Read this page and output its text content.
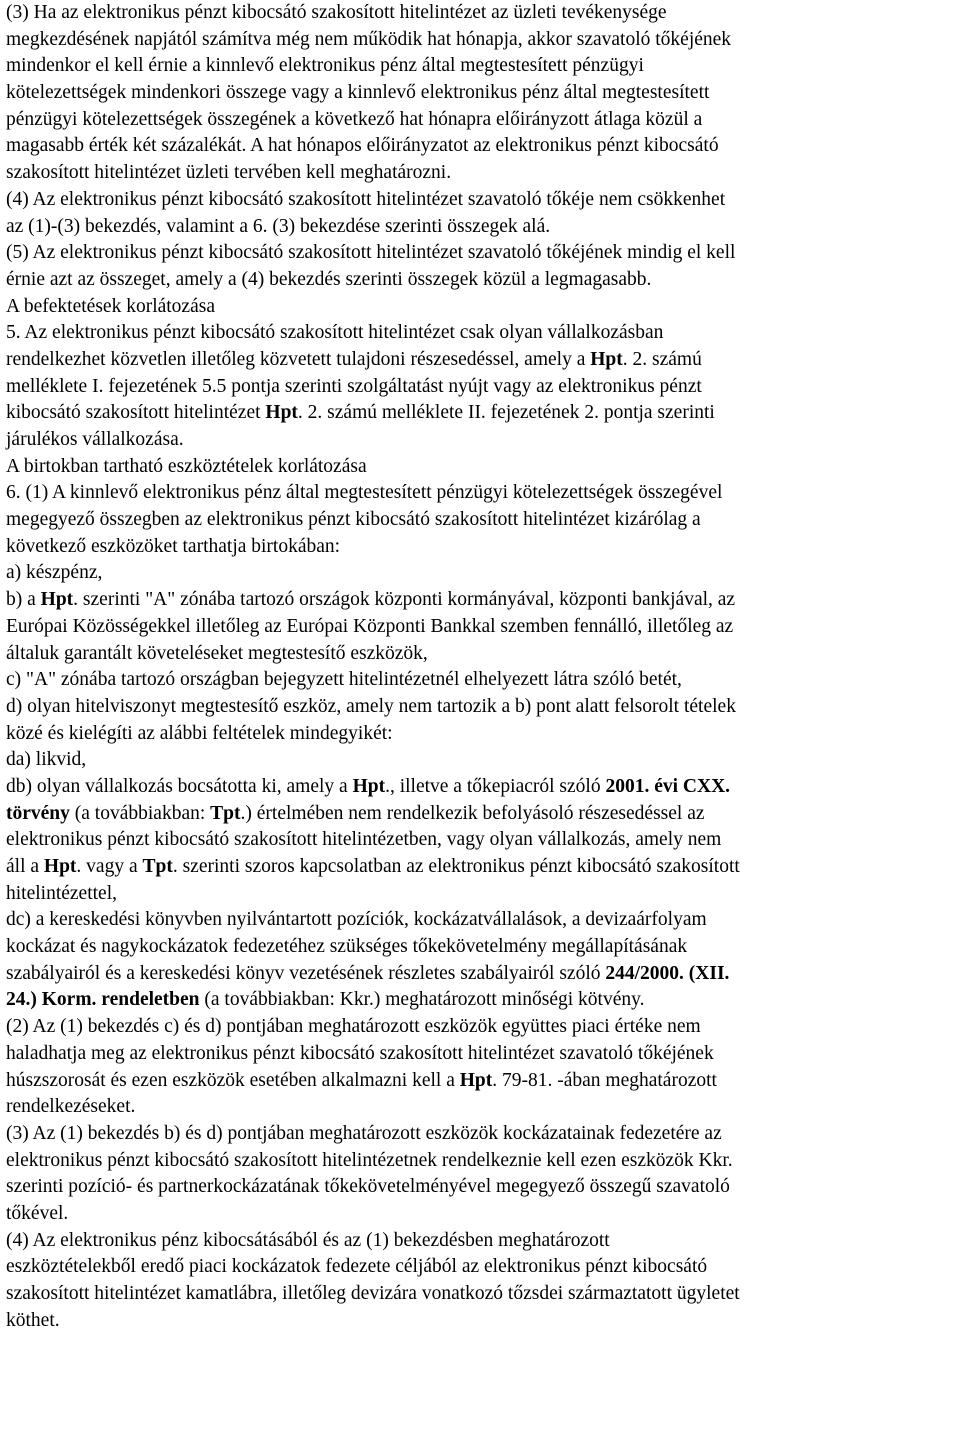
(3) Ha az elektronikus pénzt kibocsátó szakosított hitelintézet az üzleti tevékenysége
megkezdésének napjától számítva még nem működik hat hónapja, akkor szavatoló tőkéjének
mindenkor el kell érnie a kinnlevő elektronikus pénz által megtestesített pénzügyi
kötelezettségek mindenkori összege vagy a kinnlevő elektronikus pénz által megtestesített
pénzügyi kötelezettségek összegének a következő hat hónapra előirányzott átlaga közül a
magasabb érték két százalékát. A hat hónapos előirányzatot az elektronikus pénzt kibocsátó
szakosított hitelintézet üzleti tervében kell meghatározni.
(4) Az elektronikus pénzt kibocsátó szakosított hitelintézet szavatoló tőkéje nem csökkenhet
az (1)-(3) bekezdés, valamint a 6. (3) bekezdése szerinti összegek alá.
(5) Az elektronikus pénzt kibocsátó szakosított hitelintézet szavatoló tőkéjének mindig el kell
érnie azt az összeget, amely a (4) bekezdés szerinti összegek közül a legmagasabb.
A befektetések korlátozása
5. Az elektronikus pénzt kibocsátó szakosított hitelintézet csak olyan vállalkozásban
rendelkezhet közvetlen illetőleg közvetett tulajdoni részesedéssel, amely a Hpt. 2. számú
melléklete I. fejezetének 5.5 pontja szerinti szolgáltatást nyújt vagy az elektronikus pénzt
kibocsátó szakosított hitelintézet Hpt. 2. számú melléklete II. fejezetének 2. pontja szerinti
járulékos vállalkozása.
A birtokban tartható eszköztételek korlátozása
6. (1) A kinnlevő elektronikus pénz által megtestesített pénzügyi kötelezettségek összegével
megegyező összegben az elektronikus pénzt kibocsátó szakosított hitelintézet kizárólag a
következő eszközöket tarthatja birtokában:
a) készpénz,
b) a Hpt. szerinti "A" zónába tartozó országok központi kormányával, központi bankjával, az
Európai Közösségekkel illetőleg az Európai Központi Bankkal szemben fennálló, illetőleg az
általuk garantált követeléseket megtestesítő eszközök,
c) "A" zónába tartozó országban bejegyzett hitelintézetnél elhelyezett látra szóló betét,
d) olyan hitelviszonyt megtestesítő eszköz, amely nem tartozik a b) pont alatt felsorolt tételek
közé és kielégíti az alábbi feltételek mindegyikét:
da) likvid,
db) olyan vállalkozás bocsátotta ki, amely a Hpt., illetve a tőkepiacról szóló 2001. évi CXX.
törvény (a továbbiakban: Tpt.) értelmében nem rendelkezik befolyásoló részesedéssel az
elektronikus pénzt kibocsátó szakosított hitelintézetben, vagy olyan vállalkozás, amely nem
áll a Hpt. vagy a Tpt. szerinti szoros kapcsolatban az elektronikus pénzt kibocsátó szakosított
hitelintézettel,
dc) a kereskedési könyvben nyilvántartott pozíciók, kockázatvállalások, a devizaárfolyam
kockázat és nagykockázatok fedezetéhez szükséges tőkekövetelmény megállapításának
szabályairól és a kereskedési könyv vezetésének részletes szabályairól szóló 244/2000. (XII.
24.) Korm. rendeletben (a továbbiakban: Kkr.) meghatározott minőségi kötvény.
(2) Az (1) bekezdés c) és d) pontjában meghatározott eszközök együttes piaci értéke nem
haladhatja meg az elektronikus pénzt kibocsátó szakosított hitelintézet szavatoló tőkéjének
húszszorosát és ezen eszközök esetében alkalmazni kell a Hpt. 79-81. -ában meghatározott
rendelkezéseket.
(3) Az (1) bekezdés b) és d) pontjában meghatározott eszközök kockázatainak fedezetére az
elektronikus pénzt kibocsátó szakosított hitelintézetnek rendelkeznie kell ezen eszközök Kkr.
szerinti pozíció- és partnerkockázatának tőkekövetelményével megegyező összegű szavatoló
tőkével.
(4) Az elektronikus pénz kibocsátásából és az (1) bekezdésben meghatározott
eszköztételekből eredő piaci kockázatok fedezete céljából az elektronikus pénzt kibocsátó
szakosított hitelintézet kamatlábra, illetőleg devizára vonatkozó tőzsdei származtatott ügyletet
köthet.
